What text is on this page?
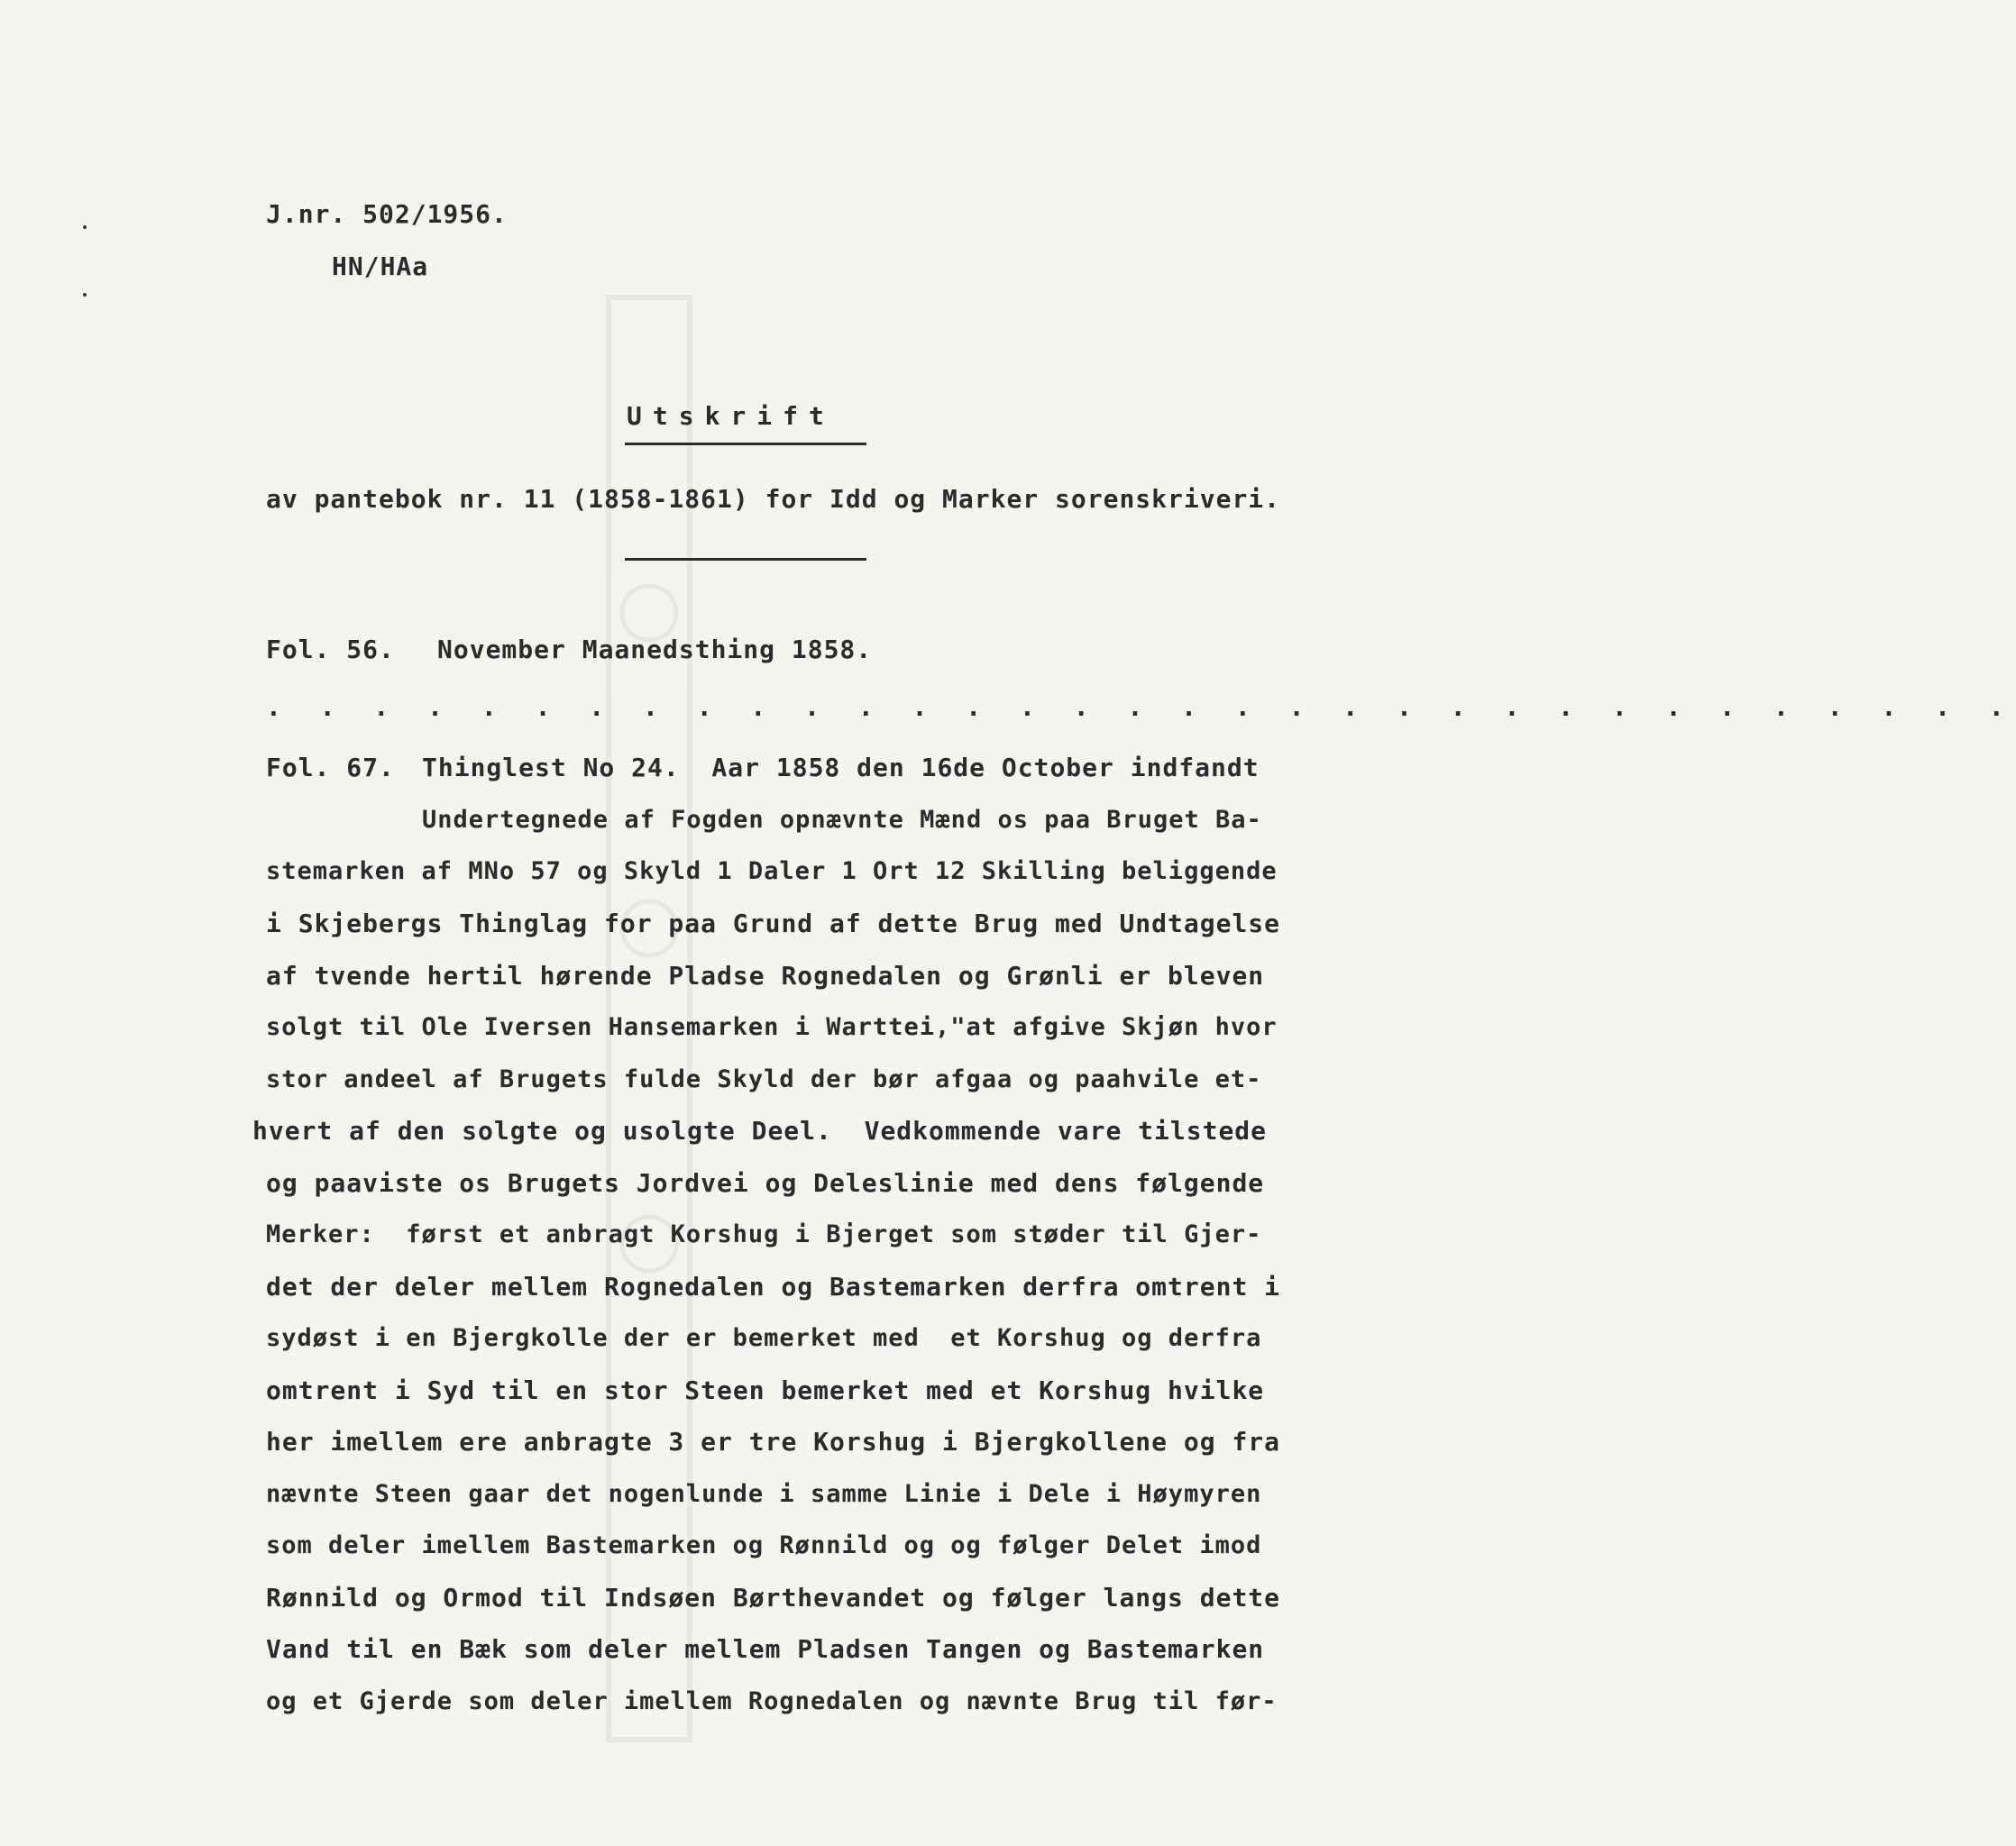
J.nr. 502/1956.
HN/HAa
Utskrift
av pantebok nr. 11 (1858-1861) for Idd og Marker sorenskriveri.
Fol. 56. November Maanedsthing 1858.
. . . . . . . . . . . . . . . . . . . . . . . . . . . . . . . . .
Fol. 67. Thinglest No 24.  Aar 1858 den 16de October indfandt
Undertegnede af Fogden opnævnte Mænd os paa Bruget Ba-
stemarken af MNo 57 og Skyld 1 Daler 1 Ort 12 Skilling beliggende
i Skjebergs Thinglag for paa Grund af dette Brug med Undtagelse
af tvende hertil hørende Pladse Rognedalen og Grønli er bleven
solgt til Ole Iversen Hansemarken i Warttei,"at afgive Skjøn hvor
stor andeel af Brugets fulde Skyld der bør afgaa og paahvile et-
hvert af den solgte og usolgte Deel.  Vedkommende vare tilstede
og paaviste os Brugets Jordvei og Deleslinie med dens følgende
Merker:  først et anbragt Korshug i Bjerget som støder til Gjer-
det der deler mellem Rognedalen og Bastemarken derfra omtrent i
sydøst i en Bjergkolle der er bemerket med  et Korshug og derfra
omtrent i Syd til en stor Steen bemerket med et Korshug hvilke
her imellem ere anbragte 3 er tre Korshug i Bjergkollene og fra
nævnte Steen gaar det nogenlunde i samme Linie i Dele i Høymyren
som deler imellem Bastemarken og Rønnild og og følger Delet imod
Rønnild og Ormod til Indsøen Børthevandet og følger langs dette
Vand til en Bæk som deler mellem Pladsen Tangen og Bastemarken
og et Gjerde som deler imellem Rognedalen og nævnte Brug til før-
